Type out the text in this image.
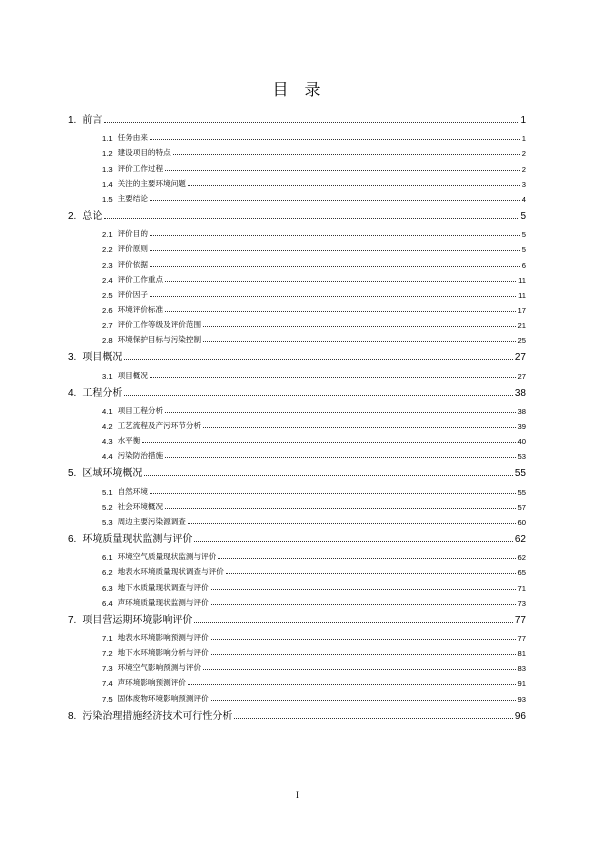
目 录
1. 前言	1
1.1 任务由来	1
1.2 建设项目的特点	2
1.3 评价工作过程	2
1.4 关注的主要环境问题	3
1.5 主要结论	4
2. 总论	5
2.1 评价目的	5
2.2 评价原则	5
2.3 评价依据	6
2.4 评价工作重点	11
2.5 评价因子	11
2.6 环境评价标准	17
2.7 评价工作等级及评价范围	21
2.8 环境保护目标与污染控制	25
3. 项目概况	27
3.1 项目概况	27
4. 工程分析	38
4.1 项目工程分析	38
4.2 工艺流程及产污环节分析	39
4.3 水平衡	40
4.4 污染防治措施	53
5. 区域环境概况	55
5.1 自然环境	55
5.2 社会环境概况	57
5.3 周边主要污染源调查	60
6. 环境质量现状监测与评价	62
6.1 环境空气质量现状监测与评价	62
6.2 地表水环境质量现状调查与评价	65
6.3 地下水质量现状调查与评价	71
6.4 声环境质量现状监测与评价	73
7. 项目营运期环境影响评价	77
7.1 地表水环境影响预测与评价	77
7.2 地下水环境影响分析与评价	81
7.3 环境空气影响预测与评价	83
7.4 声环境影响预测评价	91
7.5 固体废物环境影响预测评价	93
8. 污染治理措施经济技术可行性分析	96
I
